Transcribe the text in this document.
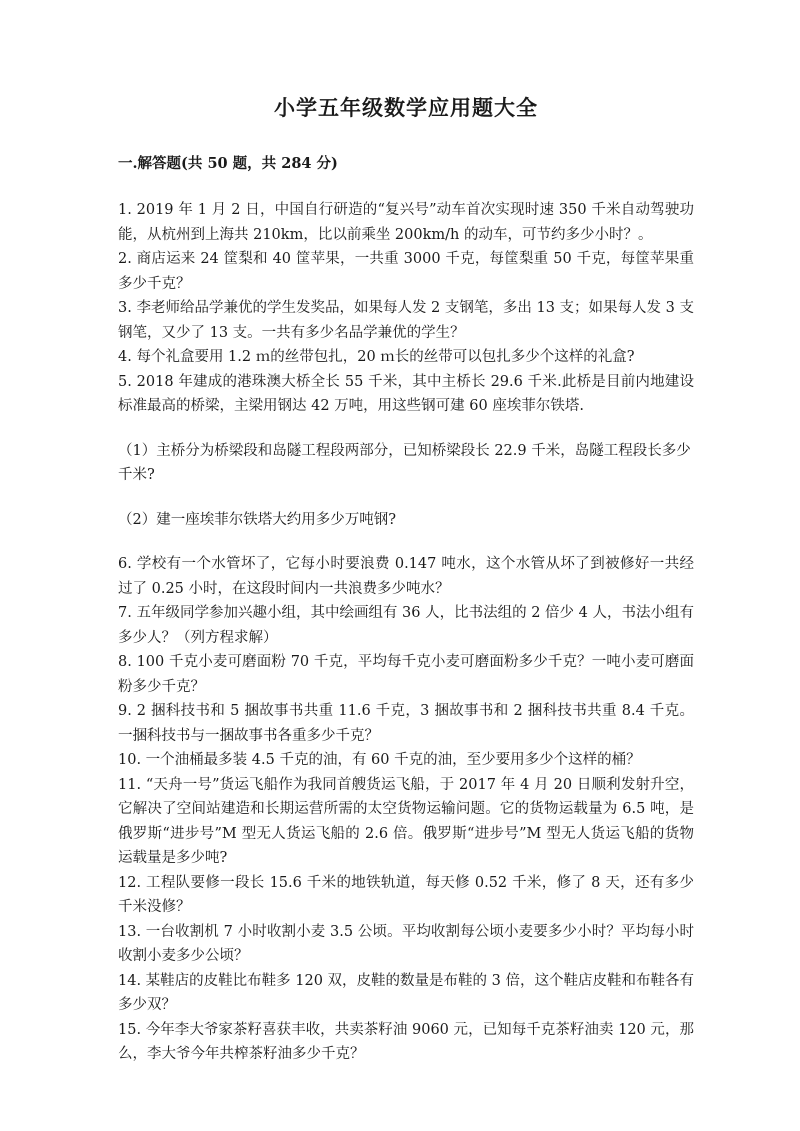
小学五年级数学应用题大全
一.解答题(共 50 题，共 284 分)

1. 2019 年 1 月 2 日，中国自行研造的“复兴号”动车首次实现时速 350 千米自动驾驶功能，从杭州到上海共 210km，比以前乘坐 200km/h 的动车，可节约多少小时？。

2. 商店运来 24 筐梨和 40 筐苹果，一共重 3000 千克，每筐梨重 50 千克，每筐苹果重多少千克？

3. 李老师给品学兼优的学生发奖品，如果每人发 2 支钢笔，多出 13 支；如果每人发 3 支钢笔，又少了 13 支。一共有多少名品学兼优的学生？

4. 每个礼盒要用 1.2 ｍ的丝带包扎，20 ｍ长的丝带可以包扎多少个这样的礼盒?

5. 2018 年建成的港珠澳大桥全长 55 千米，其中主桥长 29.6 千米.此桥是目前内地建设标准最高的桥梁，主梁用钢达 42 万吨，用这些钢可建 60 座埃菲尔铁塔.

（1）主桥分为桥梁段和岛隧工程段两部分，已知桥梁段长 22.9 千米，岛隧工程段长多少千米?

（2）建一座埃菲尔铁塔大约用多少万吨钢?

6. 学校有一个水管坏了，它每小时要浪费 0.147 吨水，这个水管从坏了到被修好一共经过了 0.25 小时，在这段时间内一共浪费多少吨水？

7. 五年级同学参加兴趣小组，其中绘画组有 36 人，比书法组的 2 倍少 4 人，书法小组有多少人？（列方程求解）

8. 100 千克小麦可磨面粉 70 千克，平均每千克小麦可磨面粉多少千克？一吨小麦可磨面粉多少千克？

9. 2 捆科技书和 5 捆故事书共重 11.6 千克，3 捆故事书和 2 捆科技书共重 8.4 千克。一捆科技书与一捆故事书各重多少千克？

10. 一个油桶最多装 4.5 千克的油，有 60 千克的油，至少要用多少个这样的桶？

11. “天舟一号”货运飞船作为我同首艘货运飞船，于 2017 年 4 月 20 日顺利发射升空，它解决了空间站建造和长期运营所需的太空货物运输问题。它的货物运载量为 6.5 吨，是俄罗斯“进步号”M 型无人货运飞船的 2.6 倍。俄罗斯“进步号”M 型无人货运飞船的货物运载量是多少吨?

12. 工程队要修一段长 15.6 千米的地铁轨道，每天修 0.52 千米，修了 8 天，还有多少千米没修？

13. 一台收割机 7 小时收割小麦 3.5 公顷。平均收割每公顷小麦要多少小时？平均每小时收割小麦多少公顷？

14. 某鞋店的皮鞋比布鞋多 120 双，皮鞋的数量是布鞋的 3 倍，这个鞋店皮鞋和布鞋各有多少双？

15. 今年李大爷家茶籽喜获丰收，共卖茶籽油 9060 元，已知每千克茶籽油卖 120 元，那么，李大爷今年共榨茶籽油多少千克？
